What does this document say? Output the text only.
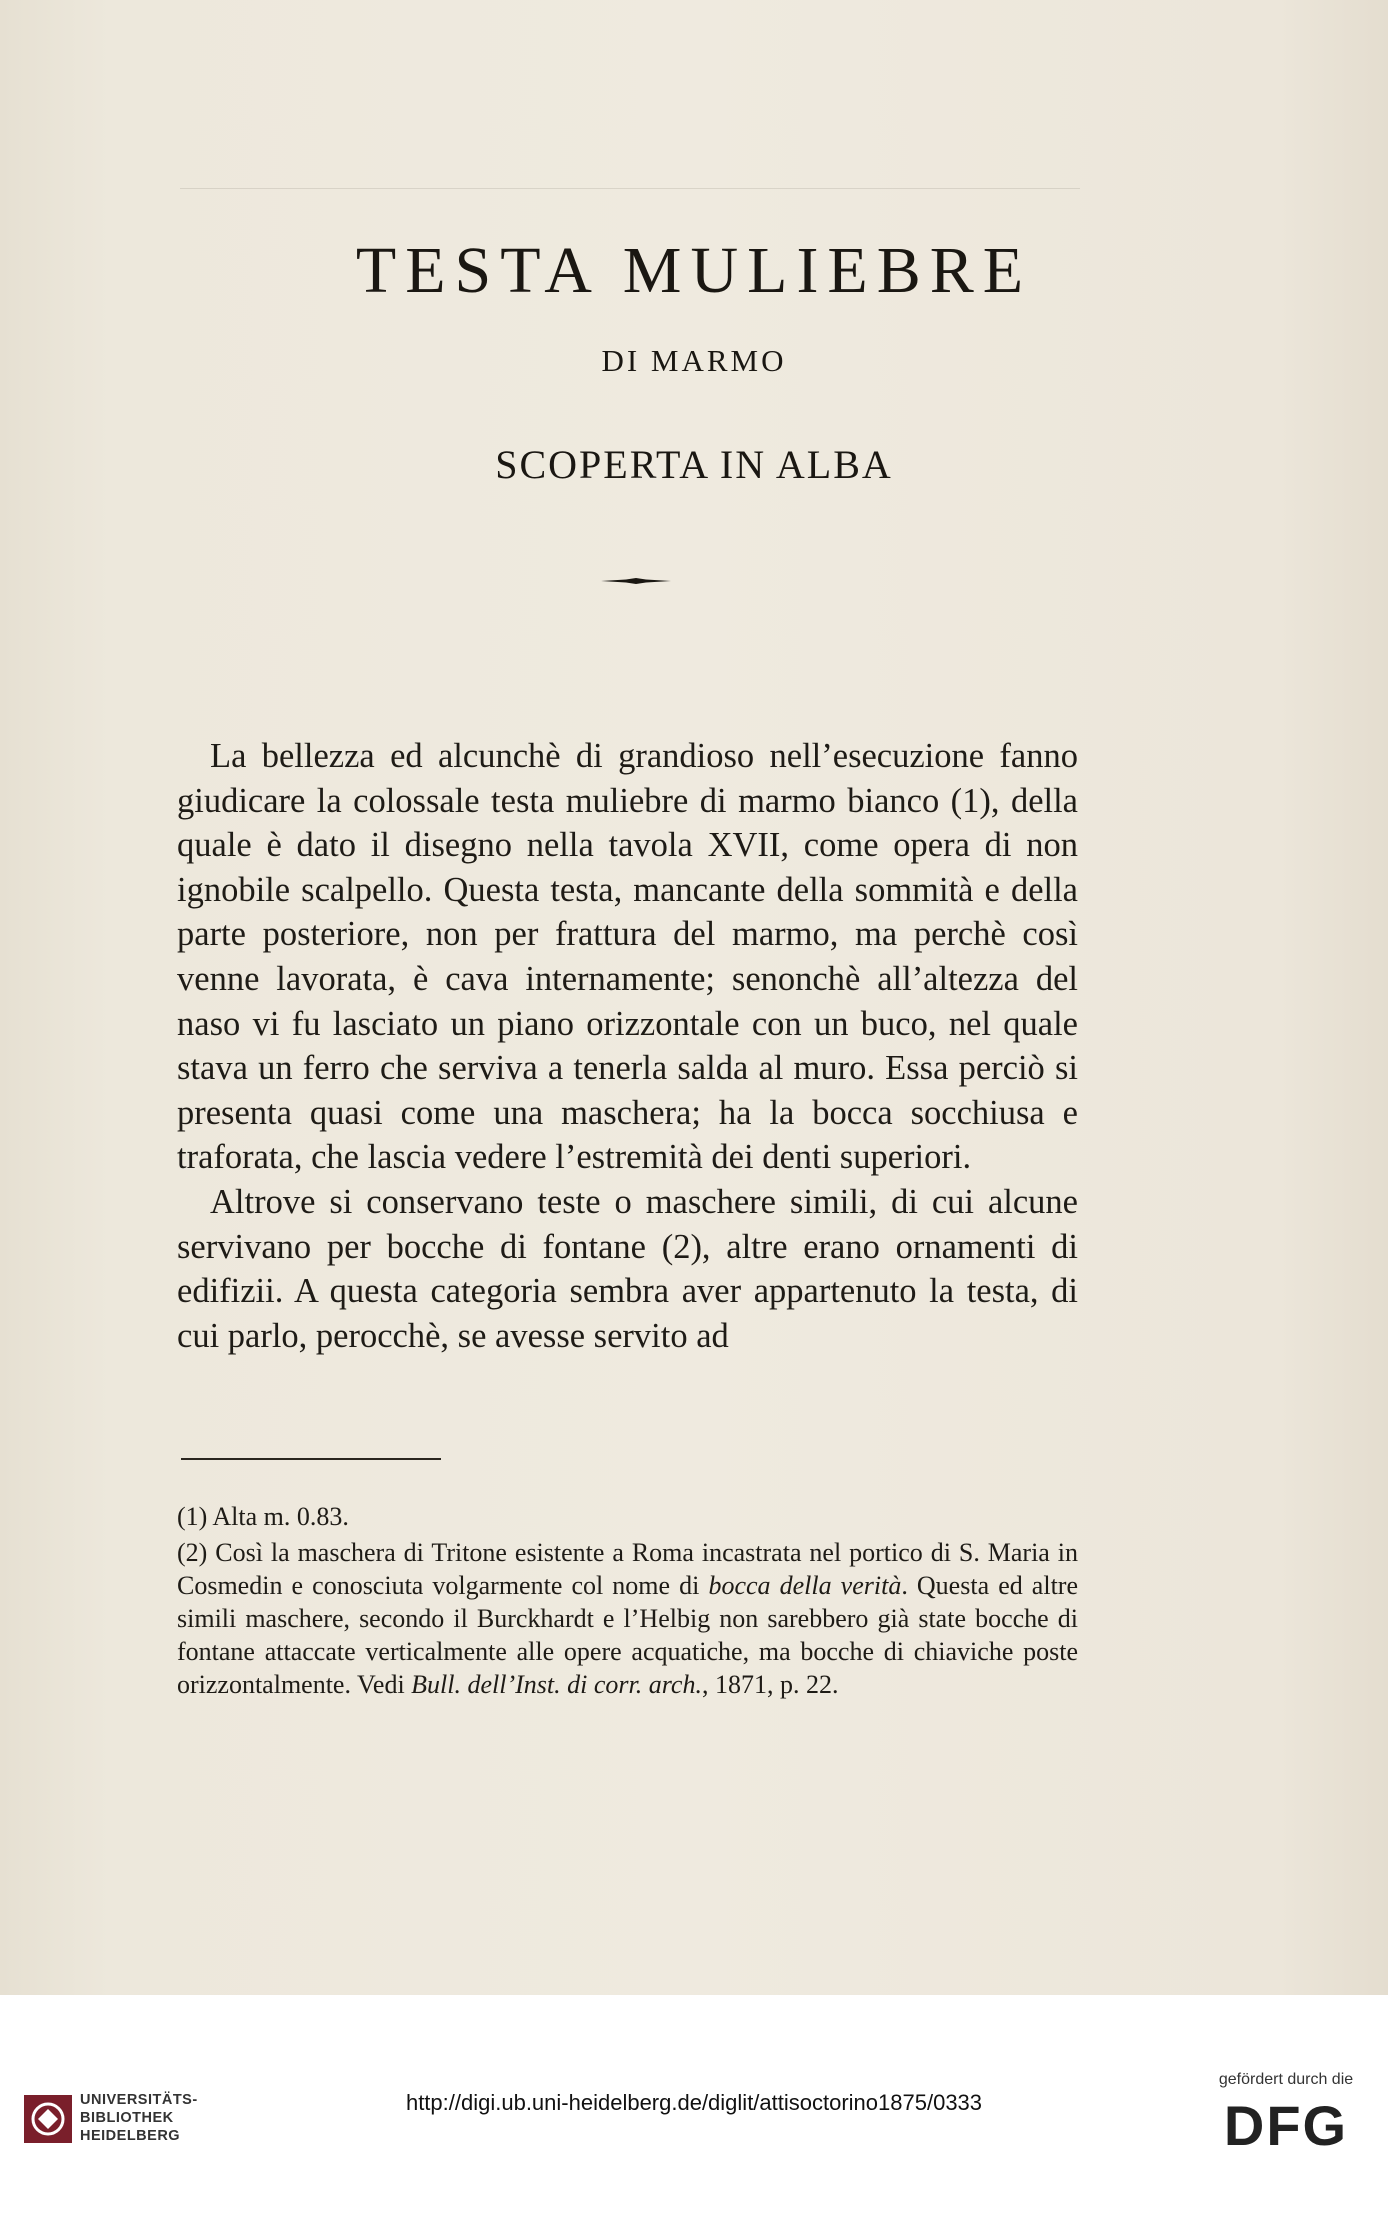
TESTA MULIEBRE
DI MARMO
SCOPERTA IN ALBA

La bellezza ed alcunchè di grandioso nell’esecuzione fanno giudicare la colossale testa muliebre di marmo bianco (1), della quale è dato il disegno nella tavola XVII, come opera di non ignobile scalpello. Questa testa, mancante della sommità e della parte posteriore, non per frattura del marmo, ma perchè così venne lavorata, è cava internamente; senonchè all’altezza del naso vi fu lasciato un piano orizzontale con un buco, nel quale stava un ferro che serviva a tenerla salda al muro. Essa perciò si presenta quasi come una maschera; ha la bocca socchiusa e traforata, che lascia vedere l’estremità dei denti superiori.

Altrove si conservano teste o maschere simili, di cui alcune servivano per bocche di fontane (2), altre erano ornamenti di edifizii. A questa categoria sembra aver appartenuto la testa, di cui parlo, perocchè, se avesse servito ad

(1) Alta m. 0.83.

(2) Così la maschera di Tritone esistente a Roma incastrata nel portico di S. Maria in Cosmedin e conosciuta volgarmente col nome di bocca della verità. Questa ed altre simili maschere, secondo il Burckhardt e l’Helbig non sarebbero già state bocche di fontane attaccate verticalmente alle opere acquatiche, ma bocche di chiaviche poste orizzontalmente. Vedi Bull. dell’Inst. di corr. arch., 1871, p. 22.

UNIVERSITÄTS-
BIBLIOTHEK
HEIDELBERG
http://digi.ub.uni-heidelberg.de/diglit/attisoctorino1875/0333
gefördert durch die
DFG
